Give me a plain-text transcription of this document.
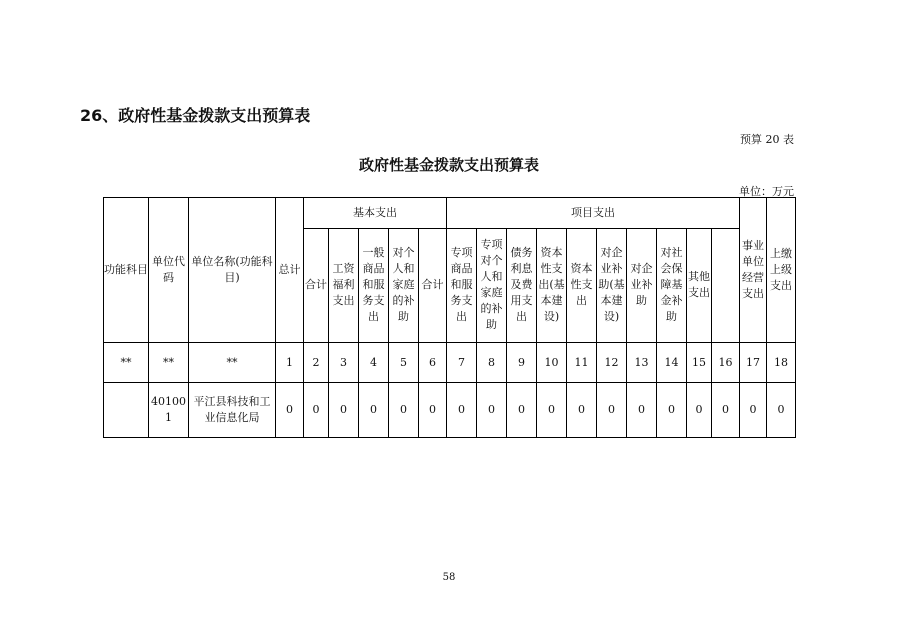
26、政府性基金拨款支出预算表
预算 20 表
政府性基金拨款支出预算表
单位：万元
功能科目	单位代码	单位名称(功能科目)	总计	基本支出					项目支出										事业单位经营支出	上缴上级支出	
				合计	工资福利支出	一般商品和服务支出	对个人和家庭的补助	合计	专项商品和服务支出	专项对个人和家庭的补助	债务利息及费用支出	资本性支出(基本建设)	资本性支出	对企业补助(基本建设)	对企业补助	对社会保障基金补助	其他支出				
**	**	**	1	2	3	4	5	6	7	8	9	10	11	12	13	14	15	16	17	18	
	401001	平江县科技和工业信息化局	0	0	0	0	0	0	0	0	0	0	0	0	0	0	0	0	0	0	
58
